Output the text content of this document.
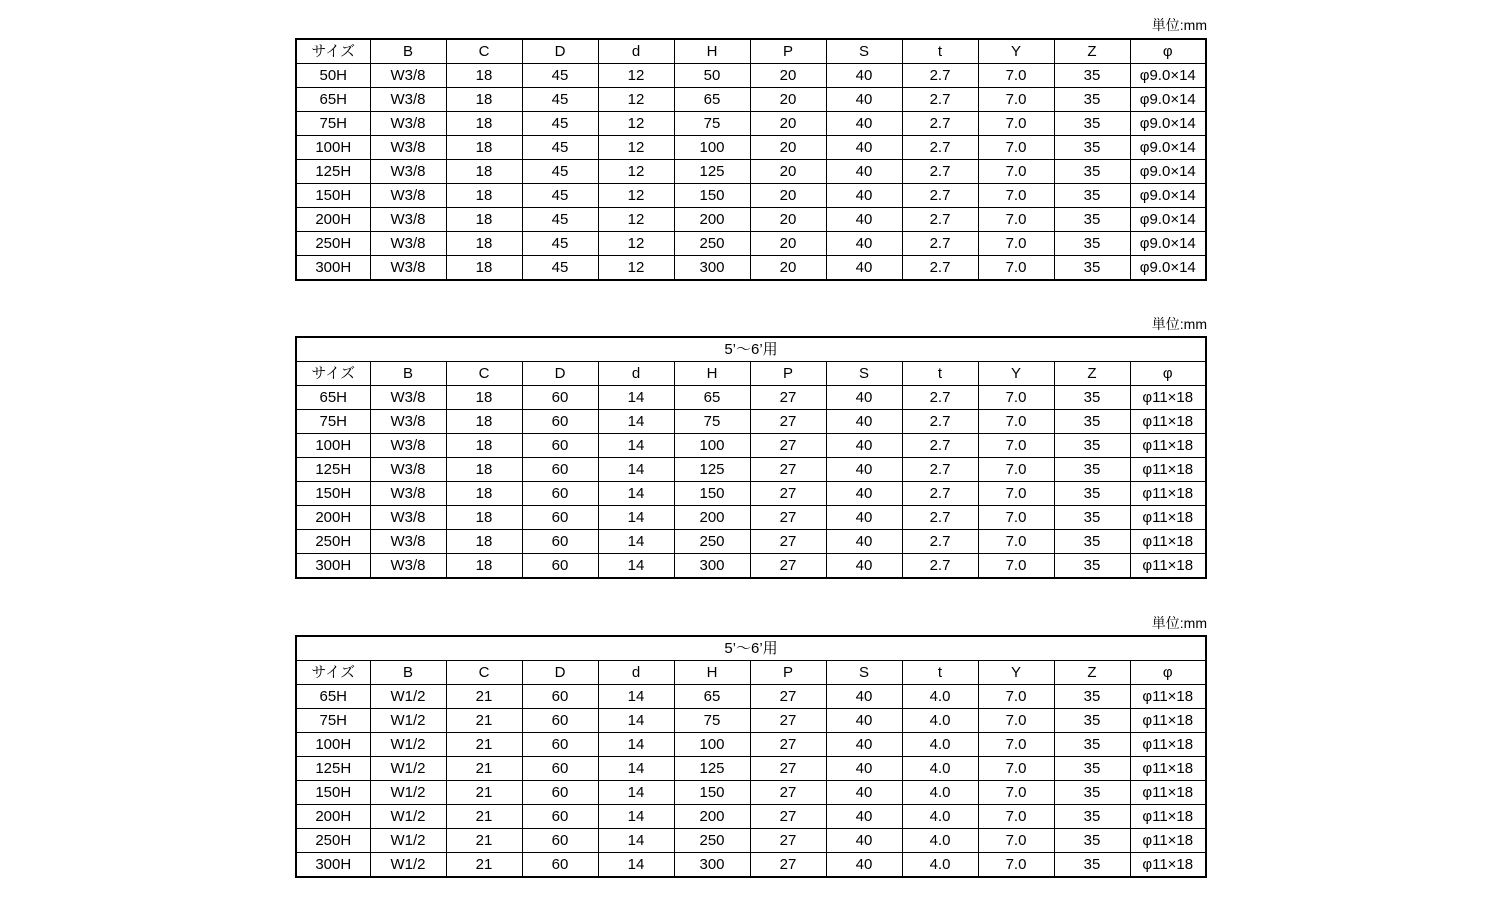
単位:mm
サイズ	B	C	D	d	H	P	S	t	Y	Z	φ
50H	W3/8	18	45	12	50	20	40	2.7	7.0	35	φ9.0×14
65H	W3/8	18	45	12	65	20	40	2.7	7.0	35	φ9.0×14
75H	W3/8	18	45	12	75	20	40	2.7	7.0	35	φ9.0×14
100H	W3/8	18	45	12	100	20	40	2.7	7.0	35	φ9.0×14
125H	W3/8	18	45	12	125	20	40	2.7	7.0	35	φ9.0×14
150H	W3/8	18	45	12	150	20	40	2.7	7.0	35	φ9.0×14
200H	W3/8	18	45	12	200	20	40	2.7	7.0	35	φ9.0×14
250H	W3/8	18	45	12	250	20	40	2.7	7.0	35	φ9.0×14
300H	W3/8	18	45	12	300	20	40	2.7	7.0	35	φ9.0×14
単位:mm
5’～6’用											
サイズ	B	C	D	d	H	P	S	t	Y	Z	φ
65H	W3/8	18	60	14	65	27	40	2.7	7.0	35	φ11×18
75H	W3/8	18	60	14	75	27	40	2.7	7.0	35	φ11×18
100H	W3/8	18	60	14	100	27	40	2.7	7.0	35	φ11×18
125H	W3/8	18	60	14	125	27	40	2.7	7.0	35	φ11×18
150H	W3/8	18	60	14	150	27	40	2.7	7.0	35	φ11×18
200H	W3/8	18	60	14	200	27	40	2.7	7.0	35	φ11×18
250H	W3/8	18	60	14	250	27	40	2.7	7.0	35	φ11×18
300H	W3/8	18	60	14	300	27	40	2.7	7.0	35	φ11×18
単位:mm
5’～6’用											
サイズ	B	C	D	d	H	P	S	t	Y	Z	φ
65H	W1/2	21	60	14	65	27	40	4.0	7.0	35	φ11×18
75H	W1/2	21	60	14	75	27	40	4.0	7.0	35	φ11×18
100H	W1/2	21	60	14	100	27	40	4.0	7.0	35	φ11×18
125H	W1/2	21	60	14	125	27	40	4.0	7.0	35	φ11×18
150H	W1/2	21	60	14	150	27	40	4.0	7.0	35	φ11×18
200H	W1/2	21	60	14	200	27	40	4.0	7.0	35	φ11×18
250H	W1/2	21	60	14	250	27	40	4.0	7.0	35	φ11×18
300H	W1/2	21	60	14	300	27	40	4.0	7.0	35	φ11×18
